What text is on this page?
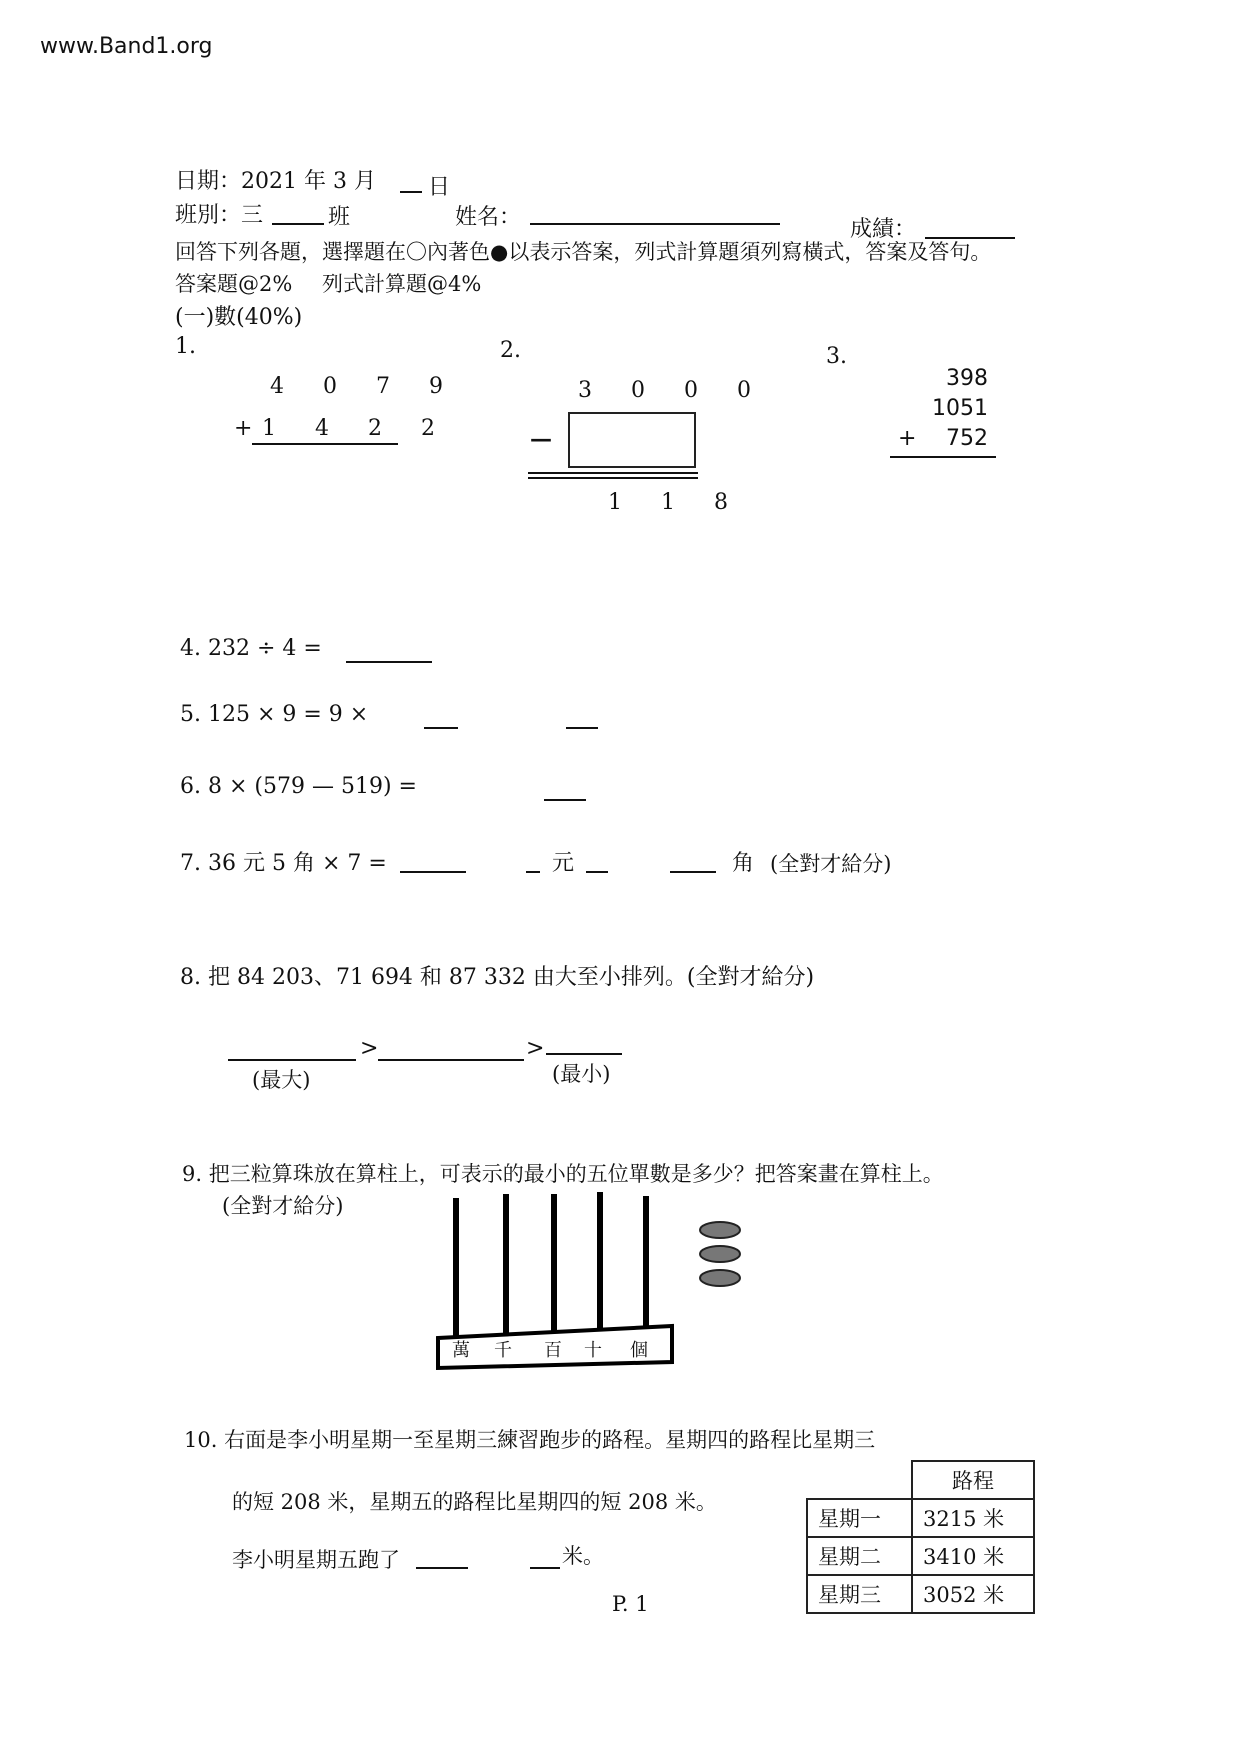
www.Band1.org
日期：2021 年 3 月 日
班別：三	班	姓名：	成績：
回答下列各題，選擇題在〇內著色●以表示答案，列式計算題須列寫橫式，答案及答句。
答案題@2% 列式計算題@4%
(一)數(40%)
1.
4 0 7 9
+ 1 4 2 2
2.
3 0 0 0
—
1 1 8
3.
398
1051
+ 752
4. 232 ÷ 4 =
5. 125 × 9 = 9 ×
6. 8 × (579 — 519) =
7. 36 元 5 角 × 7 =	元	角 (全對才給分)
8. 把 84 203、71 694 和 87 332 由大至小排列。(全對才給分)
>	>
(最大)	(最小)
9. 把三粒算珠放在算柱上，可表示的最小的五位單數是多少？把答案畫在算柱上。
(全對才給分)
萬 千 百 十 個
10. 右面是李小明星期一至星期三練習跑步的路程。星期四的路程比星期三
的短 208 米，星期五的路程比星期四的短 208 米。
李小明星期五跑了	米。
	路程
星期一	3215 米
星期二	3410 米
星期三	3052 米
P. 1
